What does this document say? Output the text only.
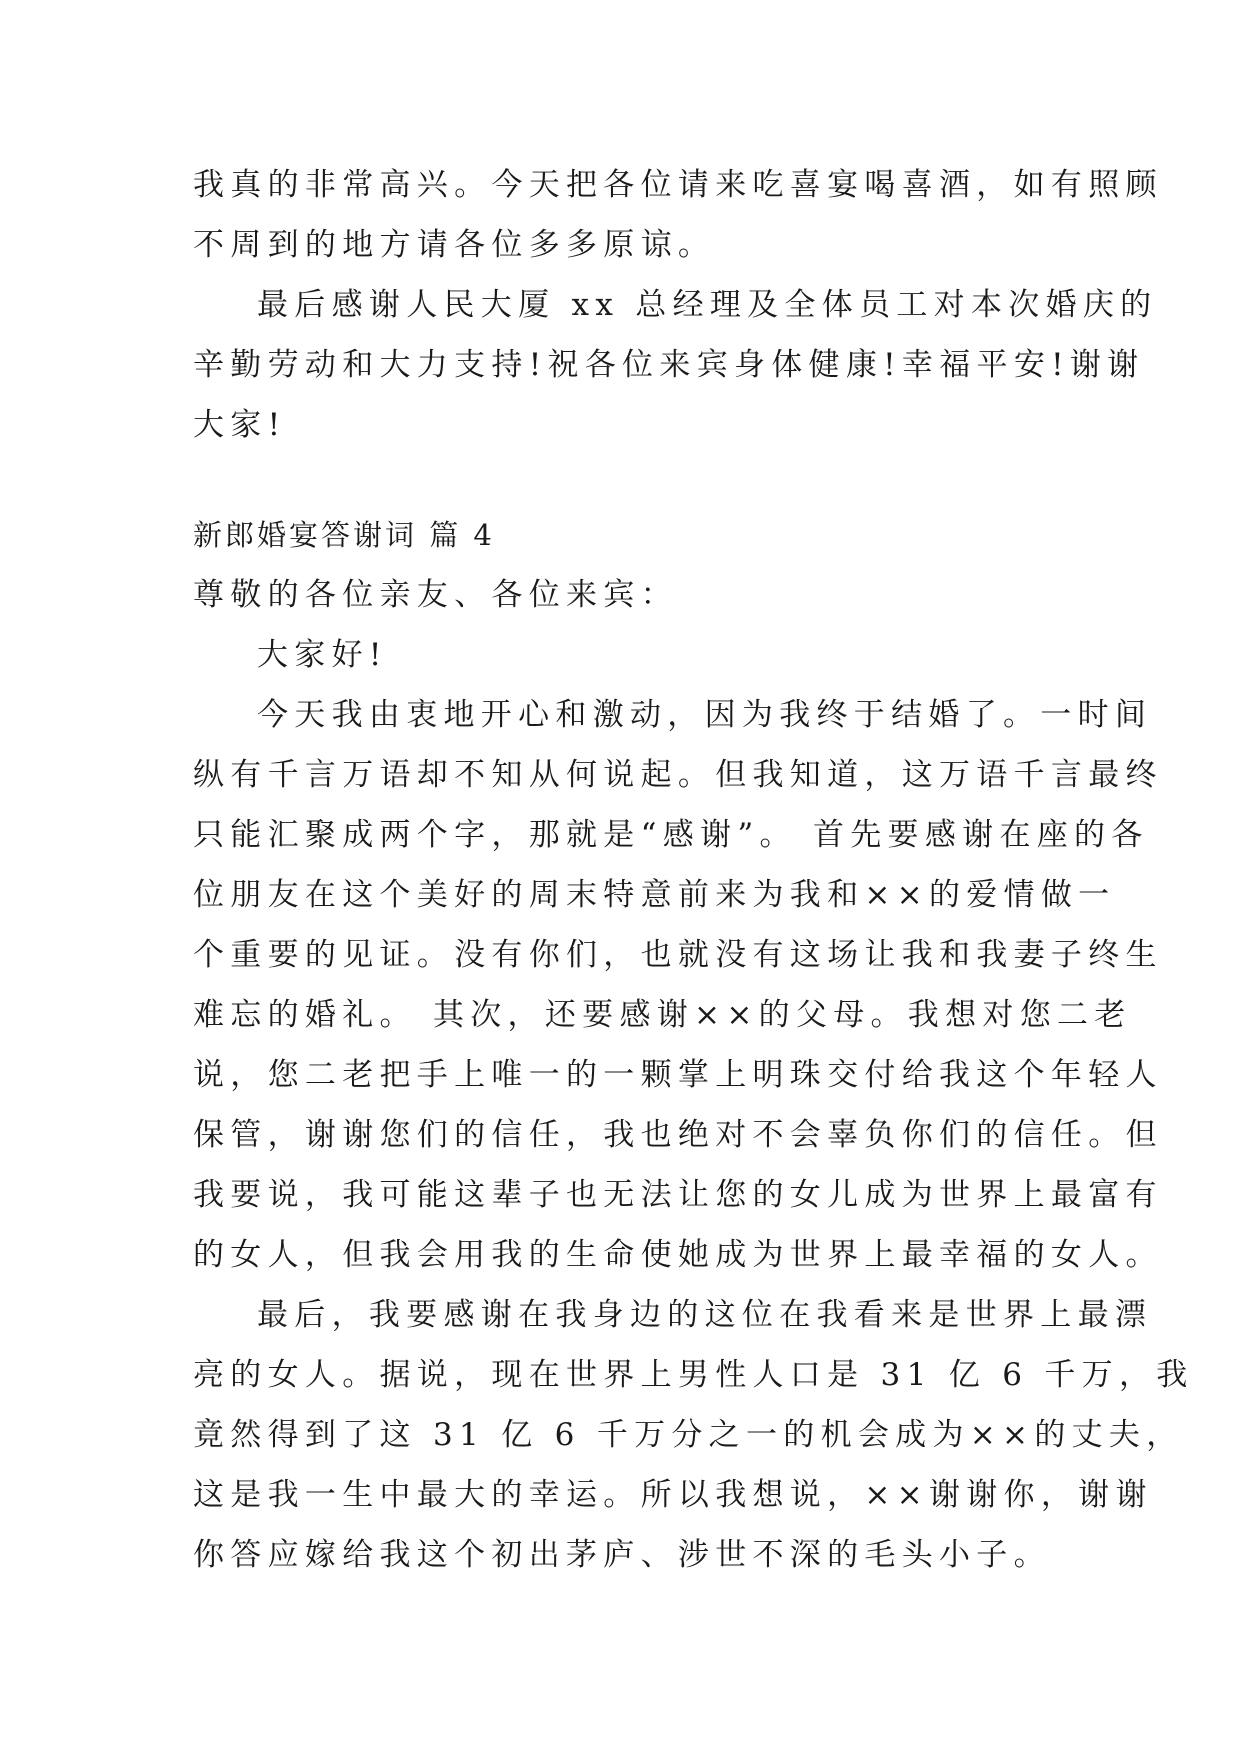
我真的非常高兴。今天把各位请来吃喜宴喝喜酒，如有照顾
不周到的地方请各位多多原谅。
最后感谢人民大厦 xx 总经理及全体员工对本次婚庆的
辛勤劳动和大力支持!祝各位来宾身体健康!幸福平安!谢谢
大家!
新郎婚宴答谢词 篇 4
尊敬的各位亲友、各位来宾：
大家好!
今天我由衷地开心和激动，因为我终于结婚了。一时间
纵有千言万语却不知从何说起。但我知道，这万语千言最终
只能汇聚成两个字，那就是“感谢”。 首先要感谢在座的各
位朋友在这个美好的周末特意前来为我和××的爱情做一
个重要的见证。没有你们，也就没有这场让我和我妻子终生
难忘的婚礼。 其次，还要感谢××的父母。我想对您二老
说，您二老把手上唯一的一颗掌上明珠交付给我这个年轻人
保管，谢谢您们的信任，我也绝对不会辜负你们的信任。但
我要说，我可能这辈子也无法让您的女儿成为世界上最富有
的女人，但我会用我的生命使她成为世界上最幸福的女人。
最后，我要感谢在我身边的这位在我看来是世界上最漂
亮的女人。据说，现在世界上男性人口是 31 亿 6 千万，我
竟然得到了这 31 亿 6 千万分之一的机会成为××的丈夫，
这是我一生中最大的幸运。所以我想说，××谢谢你，谢谢
你答应嫁给我这个初出茅庐、涉世不深的毛头小子。
